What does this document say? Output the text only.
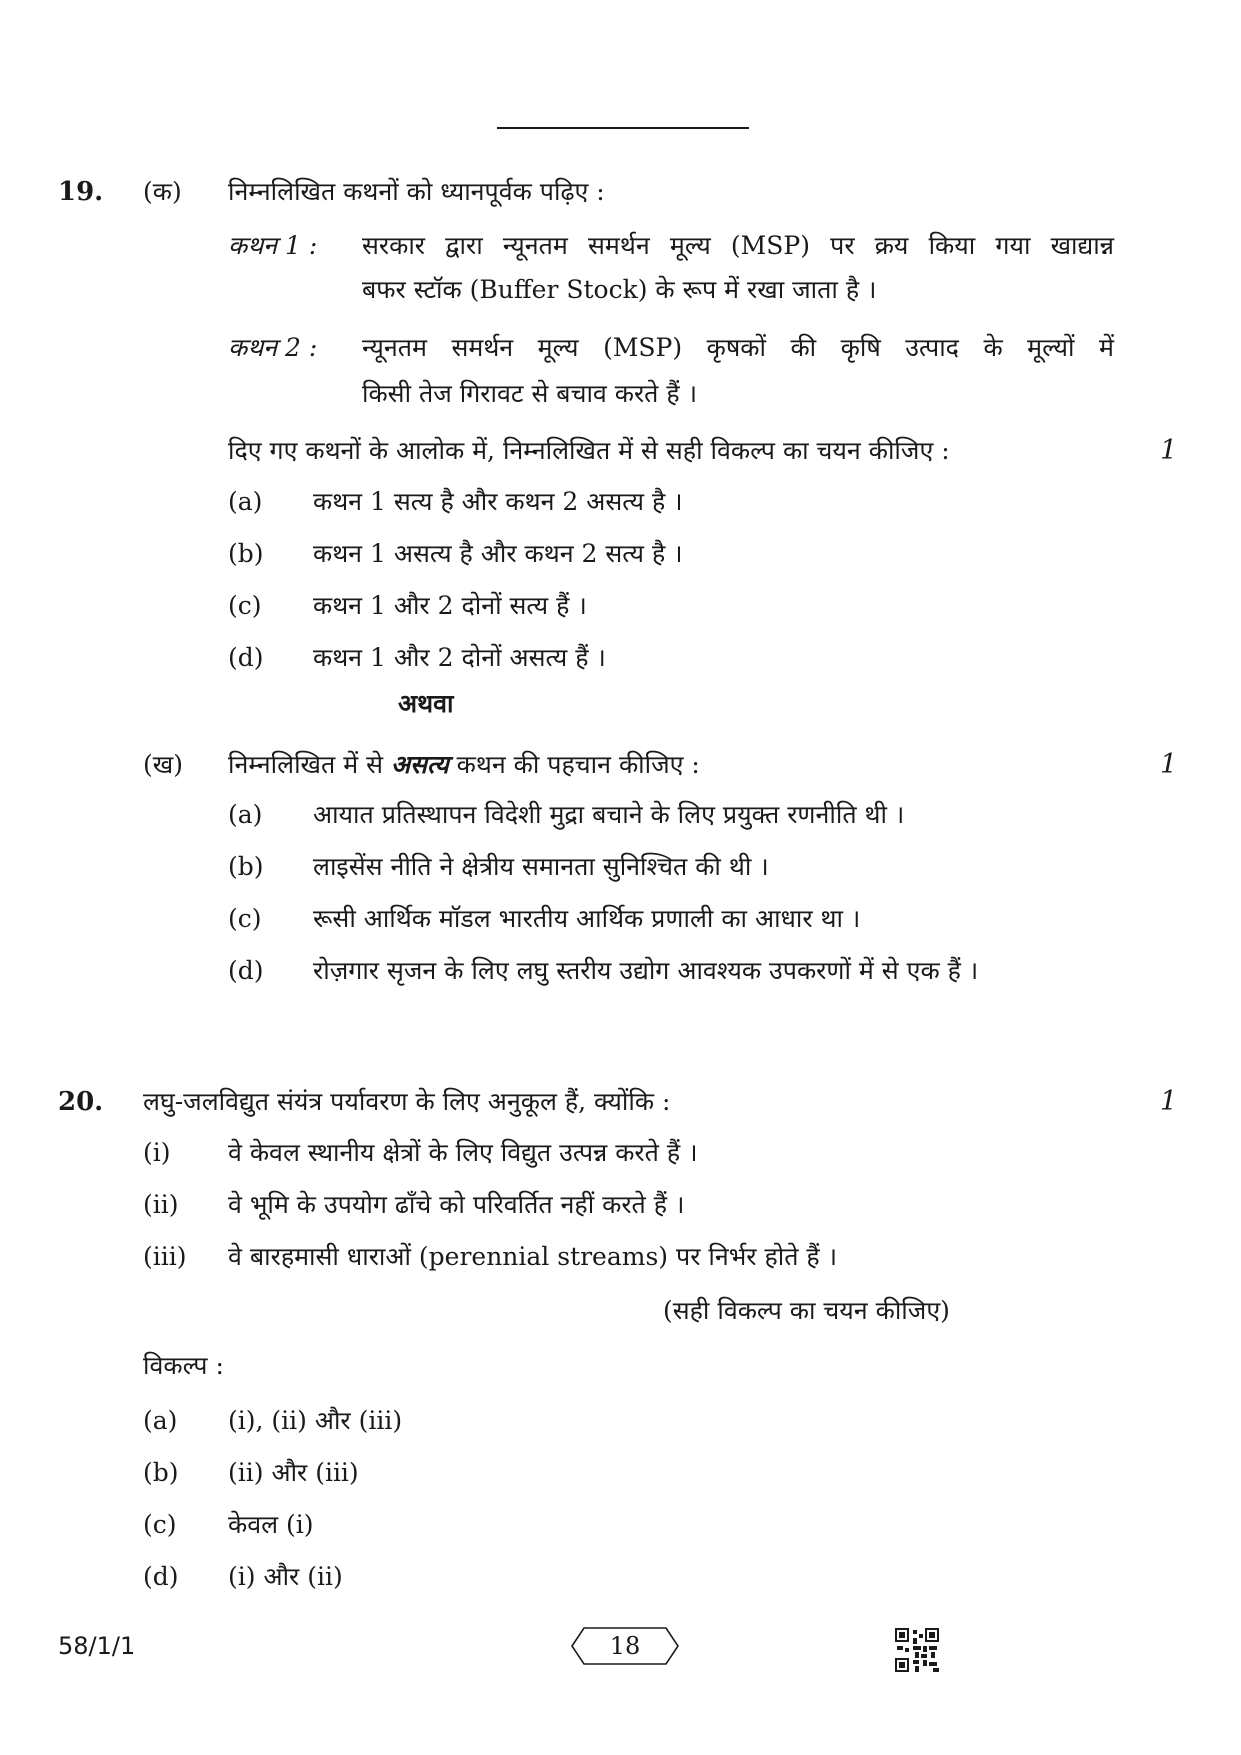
19. (क) निम्नलिखित कथनों को ध्यानपूर्वक पढ़िए :
कथन 1 : सरकार द्वारा न्यूनतम समर्थन मूल्य (MSP) पर क्रय किया गया खाद्यान्न
बफर स्टॉक (Buffer Stock) के रूप में रखा जाता है ।
कथन 2 : न्यूनतम समर्थन मूल्य (MSP) कृषकों की कृषि उत्पाद के मूल्यों में
किसी तेज गिरावट से बचाव करते हैं ।
दिए गए कथनों के आलोक में, निम्नलिखित में से सही विकल्प का चयन कीजिए :	1
(a) कथन 1 सत्य है और कथन 2 असत्य है ।
(b) कथन 1 असत्य है और कथन 2 सत्य है ।
(c) कथन 1 और 2 दोनों सत्य हैं ।
(d) कथन 1 और 2 दोनों असत्य हैं ।
अथवा
(ख) निम्नलिखित में से असत्य कथन की पहचान कीजिए :	1
(a) आयात प्रतिस्थापन विदेशी मुद्रा बचाने के लिए प्रयुक्त रणनीति थी ।
(b) लाइसेंस नीति ने क्षेत्रीय समानता सुनिश्चित की थी ।
(c) रूसी आर्थिक मॉडल भारतीय आर्थिक प्रणाली का आधार था ।
(d) रोज़गार सृजन के लिए लघु स्तरीय उद्योग आवश्यक उपकरणों में से एक हैं ।
20. लघु-जलविद्युत संयंत्र पर्यावरण के लिए अनुकूल हैं, क्योंकि :	1
(i) वे केवल स्थानीय क्षेत्रों के लिए विद्युत उत्पन्न करते हैं ।
(ii) वे भूमि के उपयोग ढाँचे को परिवर्तित नहीं करते हैं ।
(iii) वे बारहमासी धाराओं (perennial streams) पर निर्भर होते हैं ।
(सही विकल्प का चयन कीजिए)
विकल्प :
(a) (i), (ii) और (iii)
(b) (ii) और (iii)
(c) केवल (i)
(d) (i) और (ii)
58/1/1	18
